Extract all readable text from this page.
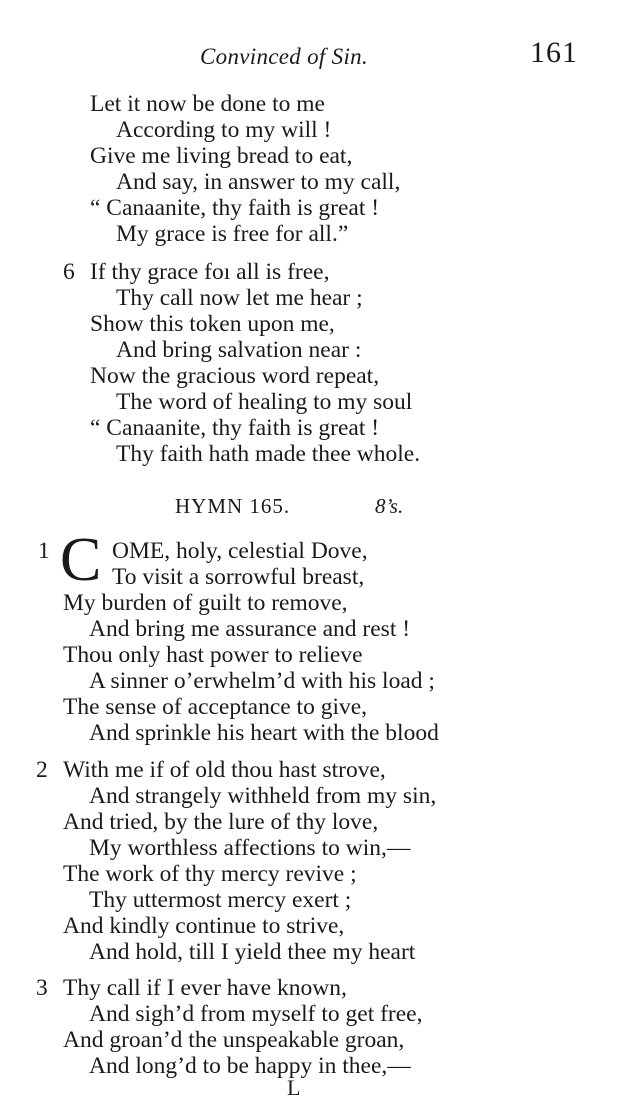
Convinced of Sin.	161
Let it now be done to me
According to my will !
Give me living bread to eat,
And say, in answer to my call,
“ Canaanite, thy faith is great !
My grace is free for all.”
6 If thy grace foı all is free,
Thy call now let me hear ;
Show this token upon me,
And bring salvation near :
Now the gracious word repeat,
The word of healing to my soul
“ Canaanite, thy faith is great !
Thy faith hath made thee whole.
HYMN 165.	8’s.
1 C OME, holy, celestial Dove,
To visit a sorrowful breast,
My burden of guilt to remove,
And bring me assurance and rest !
Thou only hast power to relieve
A sinner o’erwhelm’d with his load ;
The sense of acceptance to give,
And sprinkle his heart with the blood
2 With me if of old thou hast strove,
And strangely withheld from my sin,
And tried, by the lure of thy love,
My worthless affections to win,—
The work of thy mercy revive ;
Thy uttermost mercy exert ;
And kindly continue to strive,
And hold, till I yield thee my heart
3 Thy call if I ever have known,
And sigh’d from myself to get free,
And groan’d the unspeakable groan,
And long’d to be happy in thee,—
L
